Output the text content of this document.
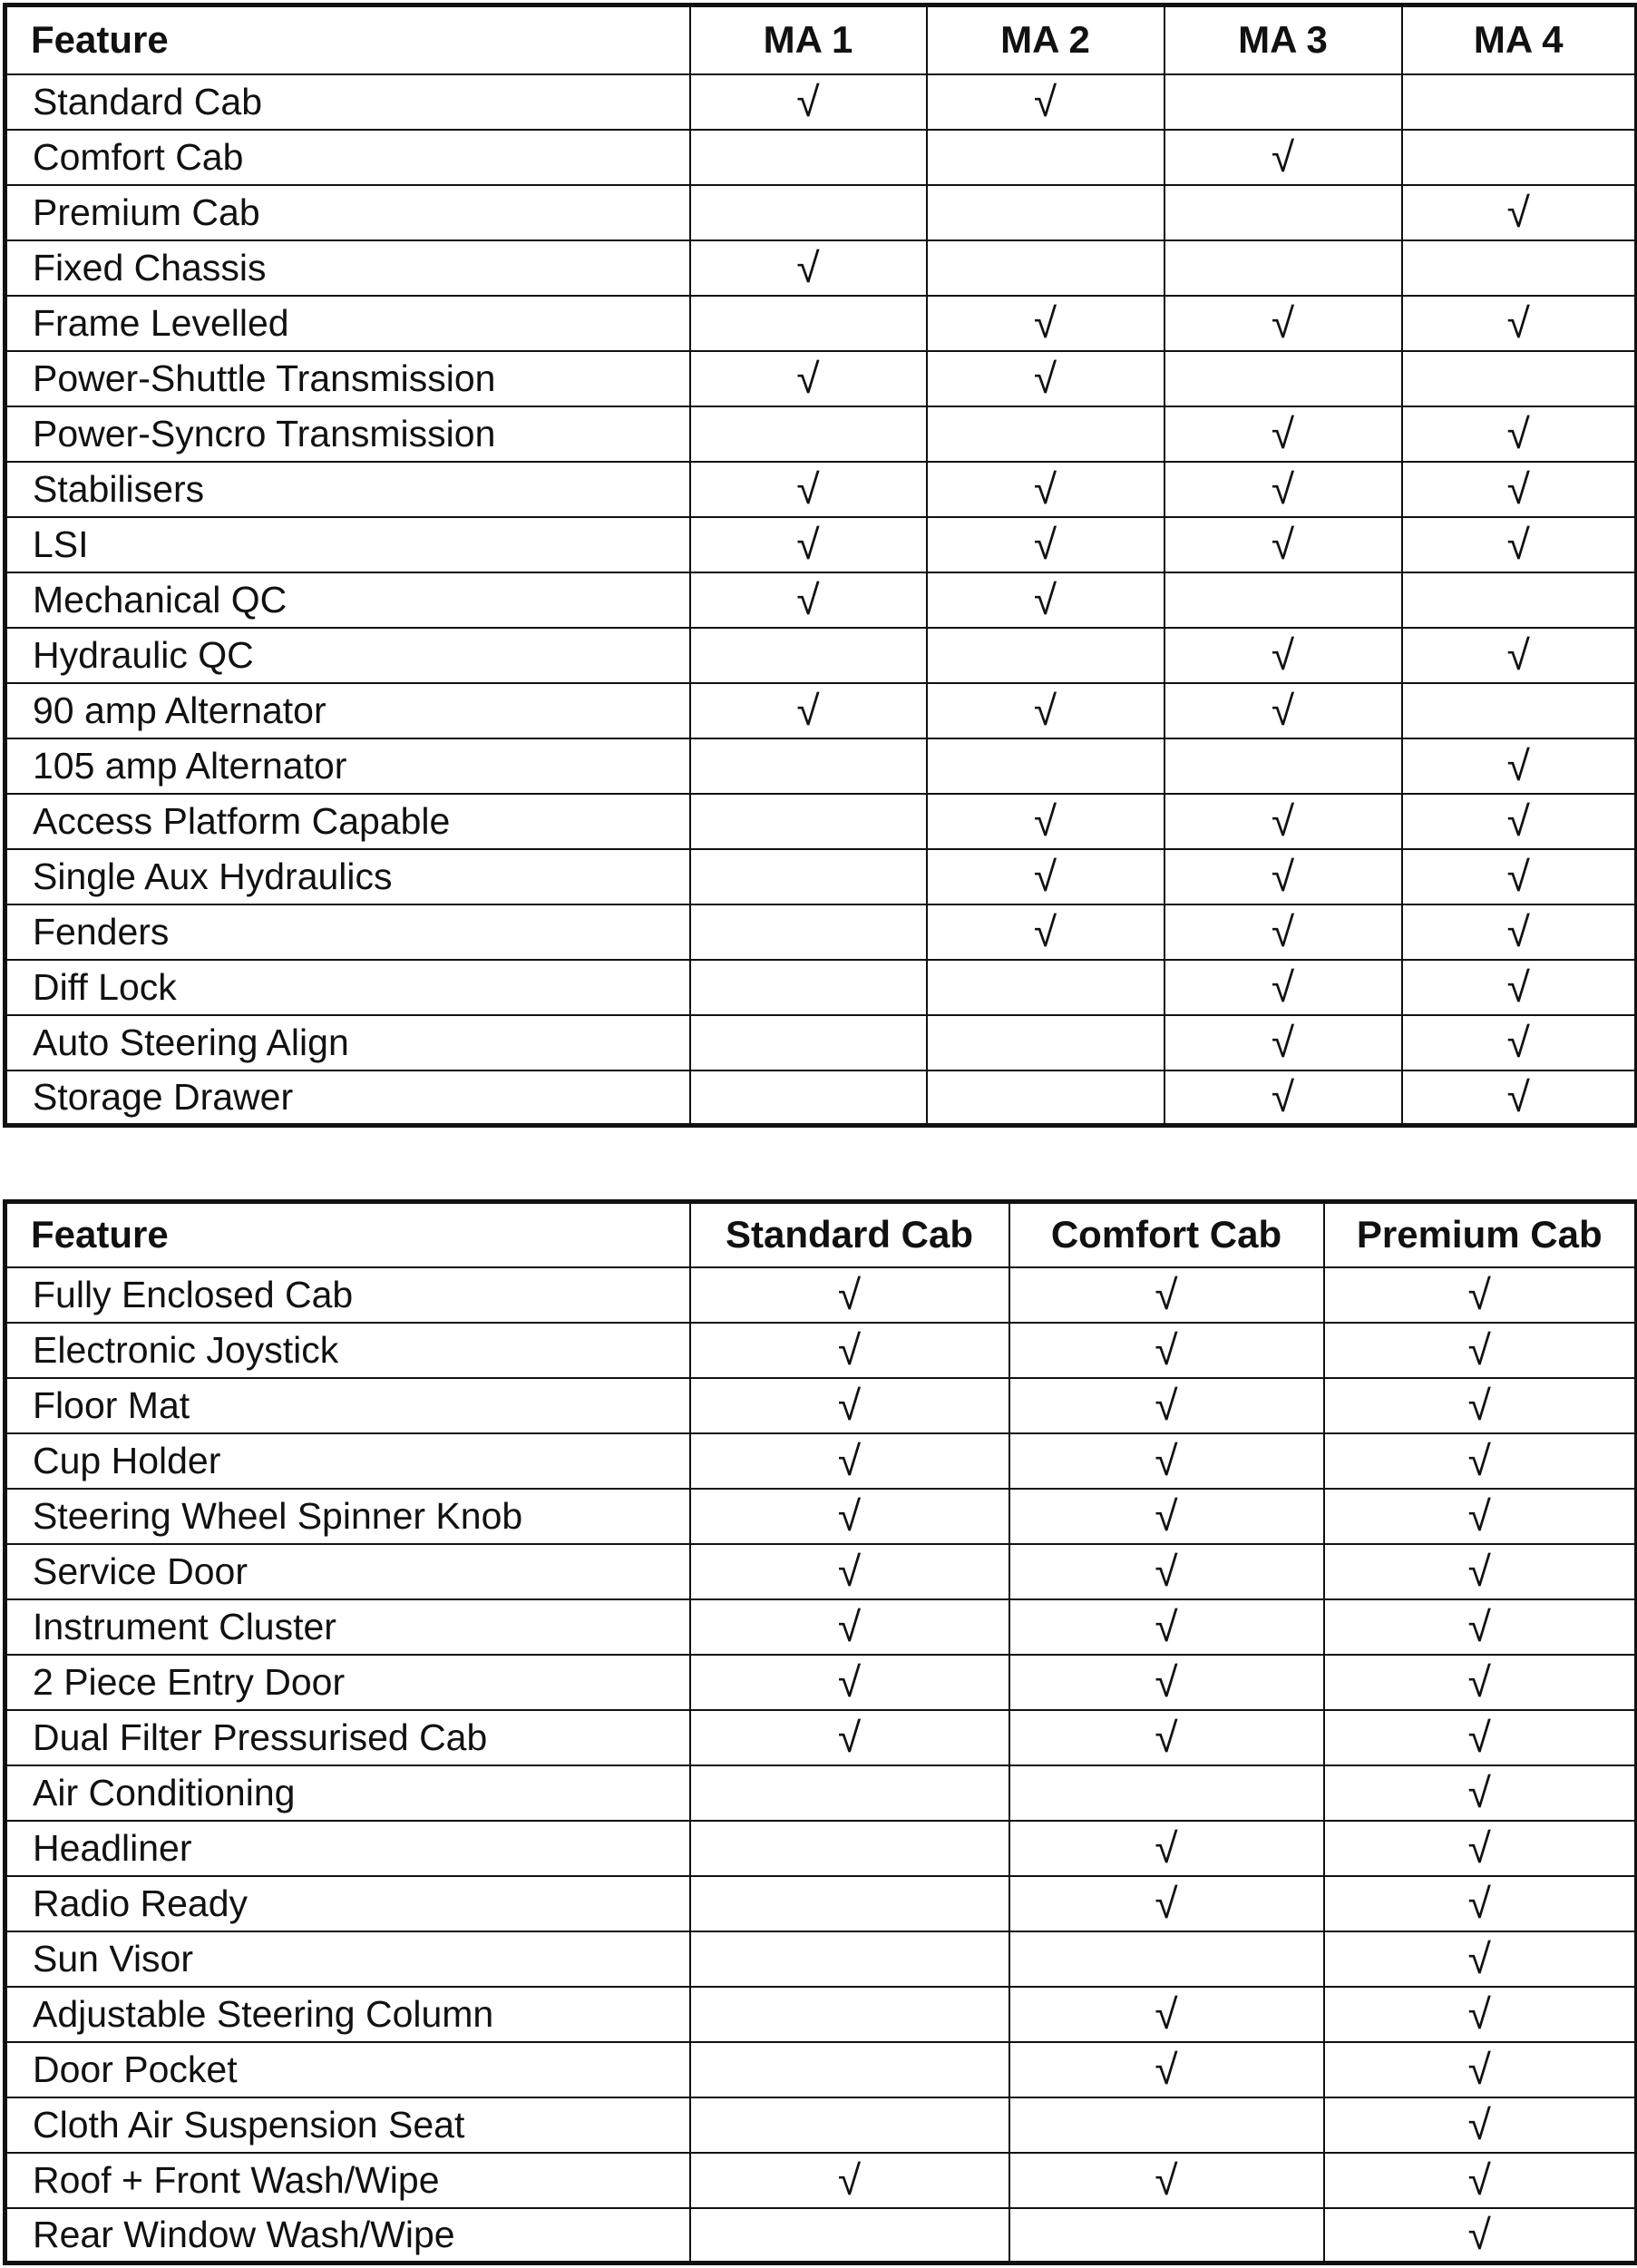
Feature	MA 1	MA 2	MA 3	MA 4
Standard Cab	√	√		
Comfort Cab			√	
Premium Cab				√
Fixed Chassis	√			
Frame Levelled		√	√	√
Power-Shuttle Transmission	√	√		
Power-Syncro Transmission			√	√
Stabilisers	√	√	√	√
LSI	√	√	√	√
Mechanical QC	√	√		
Hydraulic QC			√	√
90 amp Alternator	√	√	√	
105 amp Alternator				√
Access Platform Capable		√	√	√
Single Aux Hydraulics		√	√	√
Fenders		√	√	√
Diff Lock			√	√
Auto Steering Align			√	√
Storage Drawer			√	√
Feature	Standard Cab	Comfort Cab	Premium Cab
Fully Enclosed Cab	√	√	√
Electronic Joystick	√	√	√
Floor Mat	√	√	√
Cup Holder	√	√	√
Steering Wheel Spinner Knob	√	√	√
Service Door	√	√	√
Instrument Cluster	√	√	√
2 Piece Entry Door	√	√	√
Dual Filter Pressurised Cab	√	√	√
Air Conditioning			√
Headliner		√	√
Radio Ready		√	√
Sun Visor			√
Adjustable Steering Column		√	√
Door Pocket		√	√
Cloth Air Suspension Seat			√
Roof + Front Wash/Wipe	√	√	√
Rear Window Wash/Wipe			√
